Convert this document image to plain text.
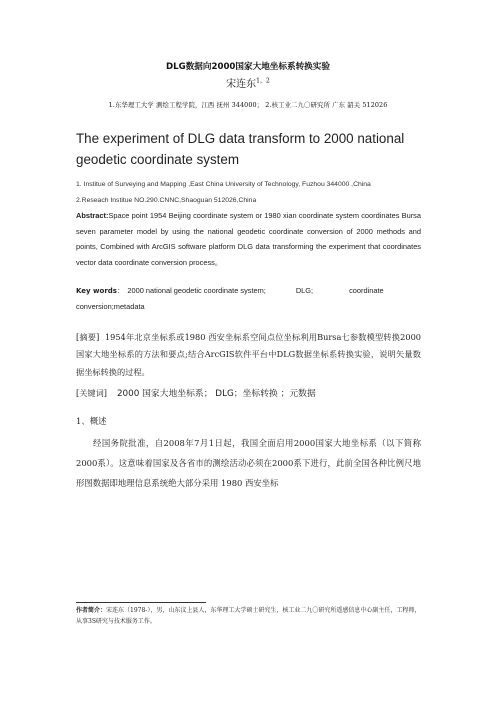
DLG数据向2000国家大地坐标系转换实验
宋连东$^{1,2}$
1.东华理工大学 测绘工程学院，江西 抚州 344000； 2.核工业二九〇研究所 广东 韶关 512026
The experiment of DLG data transform to 2000 national geodetic coordinate system
1. Institue of Surveying and Mapping ,East China University of Technology, Fuzhou 344000 ,China
2.Reseach Institue NO.290.CNNC,Shaoguan 512026,China
Abstract:Space point 1954 Beijing coordinate system or 1980 xian coordinate system coordinates Bursa seven parameter model by using the national geodetic coordinate conversion of 2000 methods and points, Combined with ArcGIS software platform DLG data transforming the experiment that coordinates vector data coordinate conversion process。
Key words： 2000 national geodetic coordinate system;	DLG;	coordinate
conversion;metadata
[摘要] 1954年北京坐标系或1980 西安坐标系空间点位坐标利用Bursa七参数模型转换2000国家大地坐标系的方法和要点;结合ArcGIS软件平台中DLG数据坐标系转换实验，说明矢量数据坐标转换的过程。
[关键词] 2000 国家大地坐标系； DLG；坐标转换 ；元数据
1、概述
经国务院批准，自2008年7月1日起，我国全面启用2000国家大地坐标系（以下简称2000系）。这意味着国家及各省市的测绘活动必须在2000系下进行，此前全国各种比例尺地形图数据即地理信息系统绝大部分采用 1980 西安坐标
作者简介：宋连东（1978-），男，山东汶上县人，东华理工大学硕士研究生，核工业二九〇研究所遥感信息中心副主任，工程师，从事3S研究与技术服务工作。
